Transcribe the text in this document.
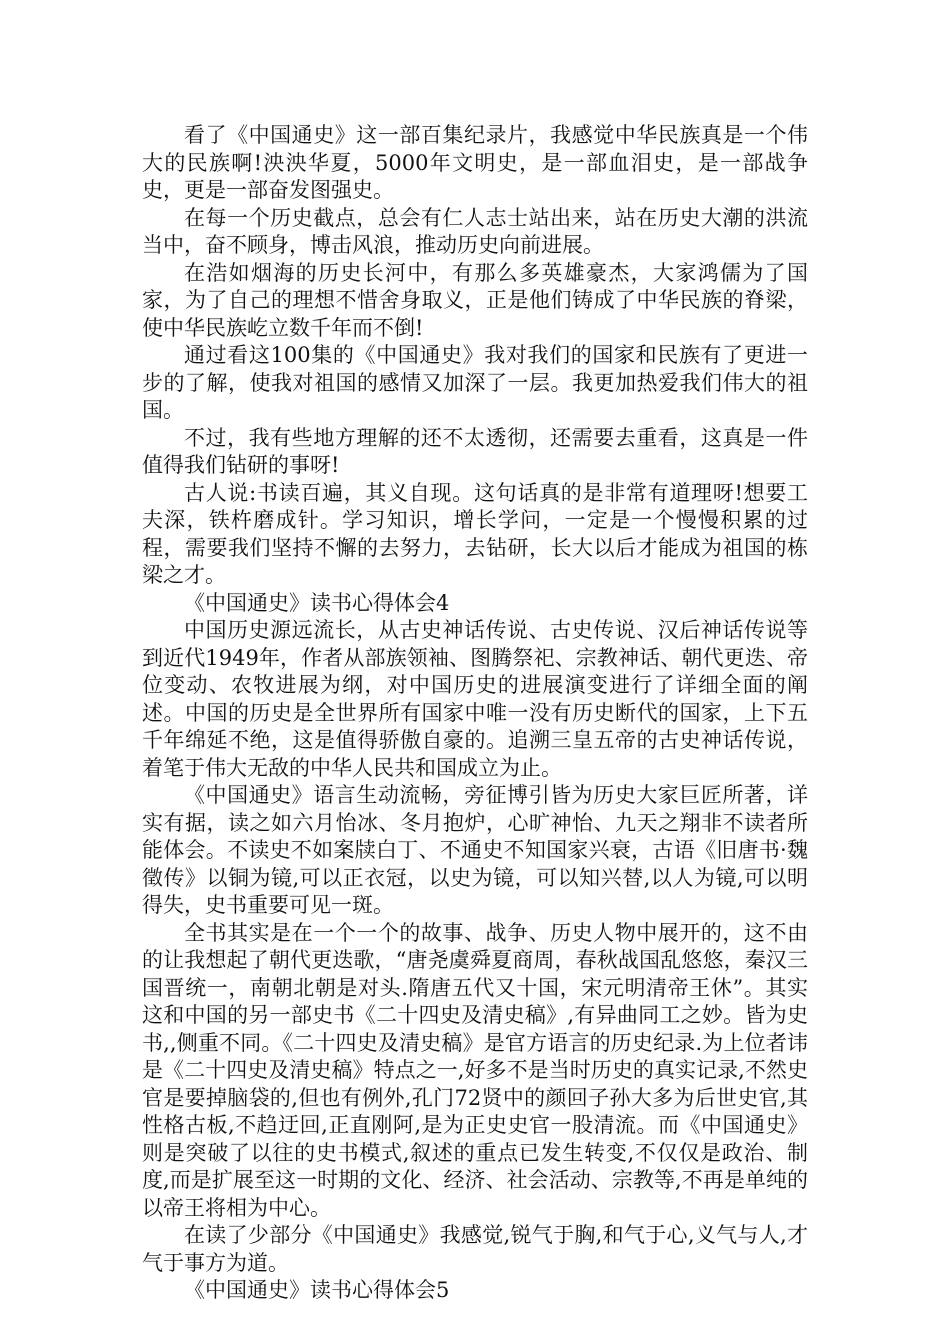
看了《中国通史》这一部百集纪录片，我感觉中华民族真是一个伟大的民族啊!泱泱华夏，5000年文明史，是一部血泪史，是一部战争史，更是一部奋发图强史。

在每一个历史截点，总会有仁人志士站出来，站在历史大潮的洪流当中，奋不顾身，博击风浪，推动历史向前进展。

在浩如烟海的历史长河中，有那么多英雄豪杰，大家鸿儒为了国家，为了自己的理想不惜舍身取义，正是他们铸成了中华民族的脊梁，使中华民族屹立数千年而不倒!

通过看这100集的《中国通史》我对我们的国家和民族有了更进一步的了解，使我对祖国的感情又加深了一层。我更加热爱我们伟大的祖国。

不过，我有些地方理解的还不太透彻，还需要去重看，这真是一件值得我们钻研的事呀!

古人说:书读百遍，其义自现。这句话真的是非常有道理呀!想要工夫深，铁杵磨成针。学习知识，增长学问，一定是一个慢慢积累的过程，需要我们坚持不懈的去努力，去钻研，长大以后才能成为祖国的栋梁之才。

《中国通史》读书心得体会4

中国历史源远流长，从古史神话传说、古史传说、汉后神话传说等到近代1949年，作者从部族领袖、图腾祭祀、宗教神话、朝代更迭、帝位变动、农牧进展为纲，对中国历史的进展演变进行了详细全面的阐述。中国的历史是全世界所有国家中唯一没有历史断代的国家，上下五千年绵延不绝，这是值得骄傲自豪的。追溯三皇五帝的古史神话传说，着笔于伟大无敌的中华人民共和国成立为止。

《中国通史》语言生动流畅，旁征博引皆为历史大家巨匠所著，详实有据，读之如六月怡冰、冬月抱炉，心旷神怡、九天之翔非不读者所能体会。不读史不如案牍白丁、不通史不知国家兴衰，古语《旧唐书·魏徵传》以铜为镜,可以正衣冠，以史为镜，可以知兴替,以人为镜,可以明得失，史书重要可见一斑。

全书其实是在一个一个的故事、战争、历史人物中展开的，这不由的让我想起了朝代更迭歌，“唐尧虞舜夏商周，春秋战国乱悠悠，秦汉三国晋统一，南朝北朝是对头.隋唐五代又十国，宋元明清帝王休”。其实这和中国的另一部史书《二十四史及清史稿》,有异曲同工之妙。皆为史书,,侧重不同。《二十四史及清史稿》是官方语言的历史纪录.为上位者讳是《二十四史及清史稿》特点之一,好多不是当时历史的真实记录,不然史官是要掉脑袋的,但也有例外,孔门72贤中的颜回子孙大多为后世史官,其性格古板,不趋迂回,正直刚阿,是为正史史官一股清流。而《中国通史》则是突破了以往的史书模式,叙述的重点已发生转变,不仅仅是政治、制度,而是扩展至这一时期的文化、经济、社会活动、宗教等,不再是单纯的以帝王将相为中心。

在读了少部分《中国通史》我感觉,锐气于胸,和气于心,义气与人,才气于事方为道。

《中国通史》读书心得体会5
